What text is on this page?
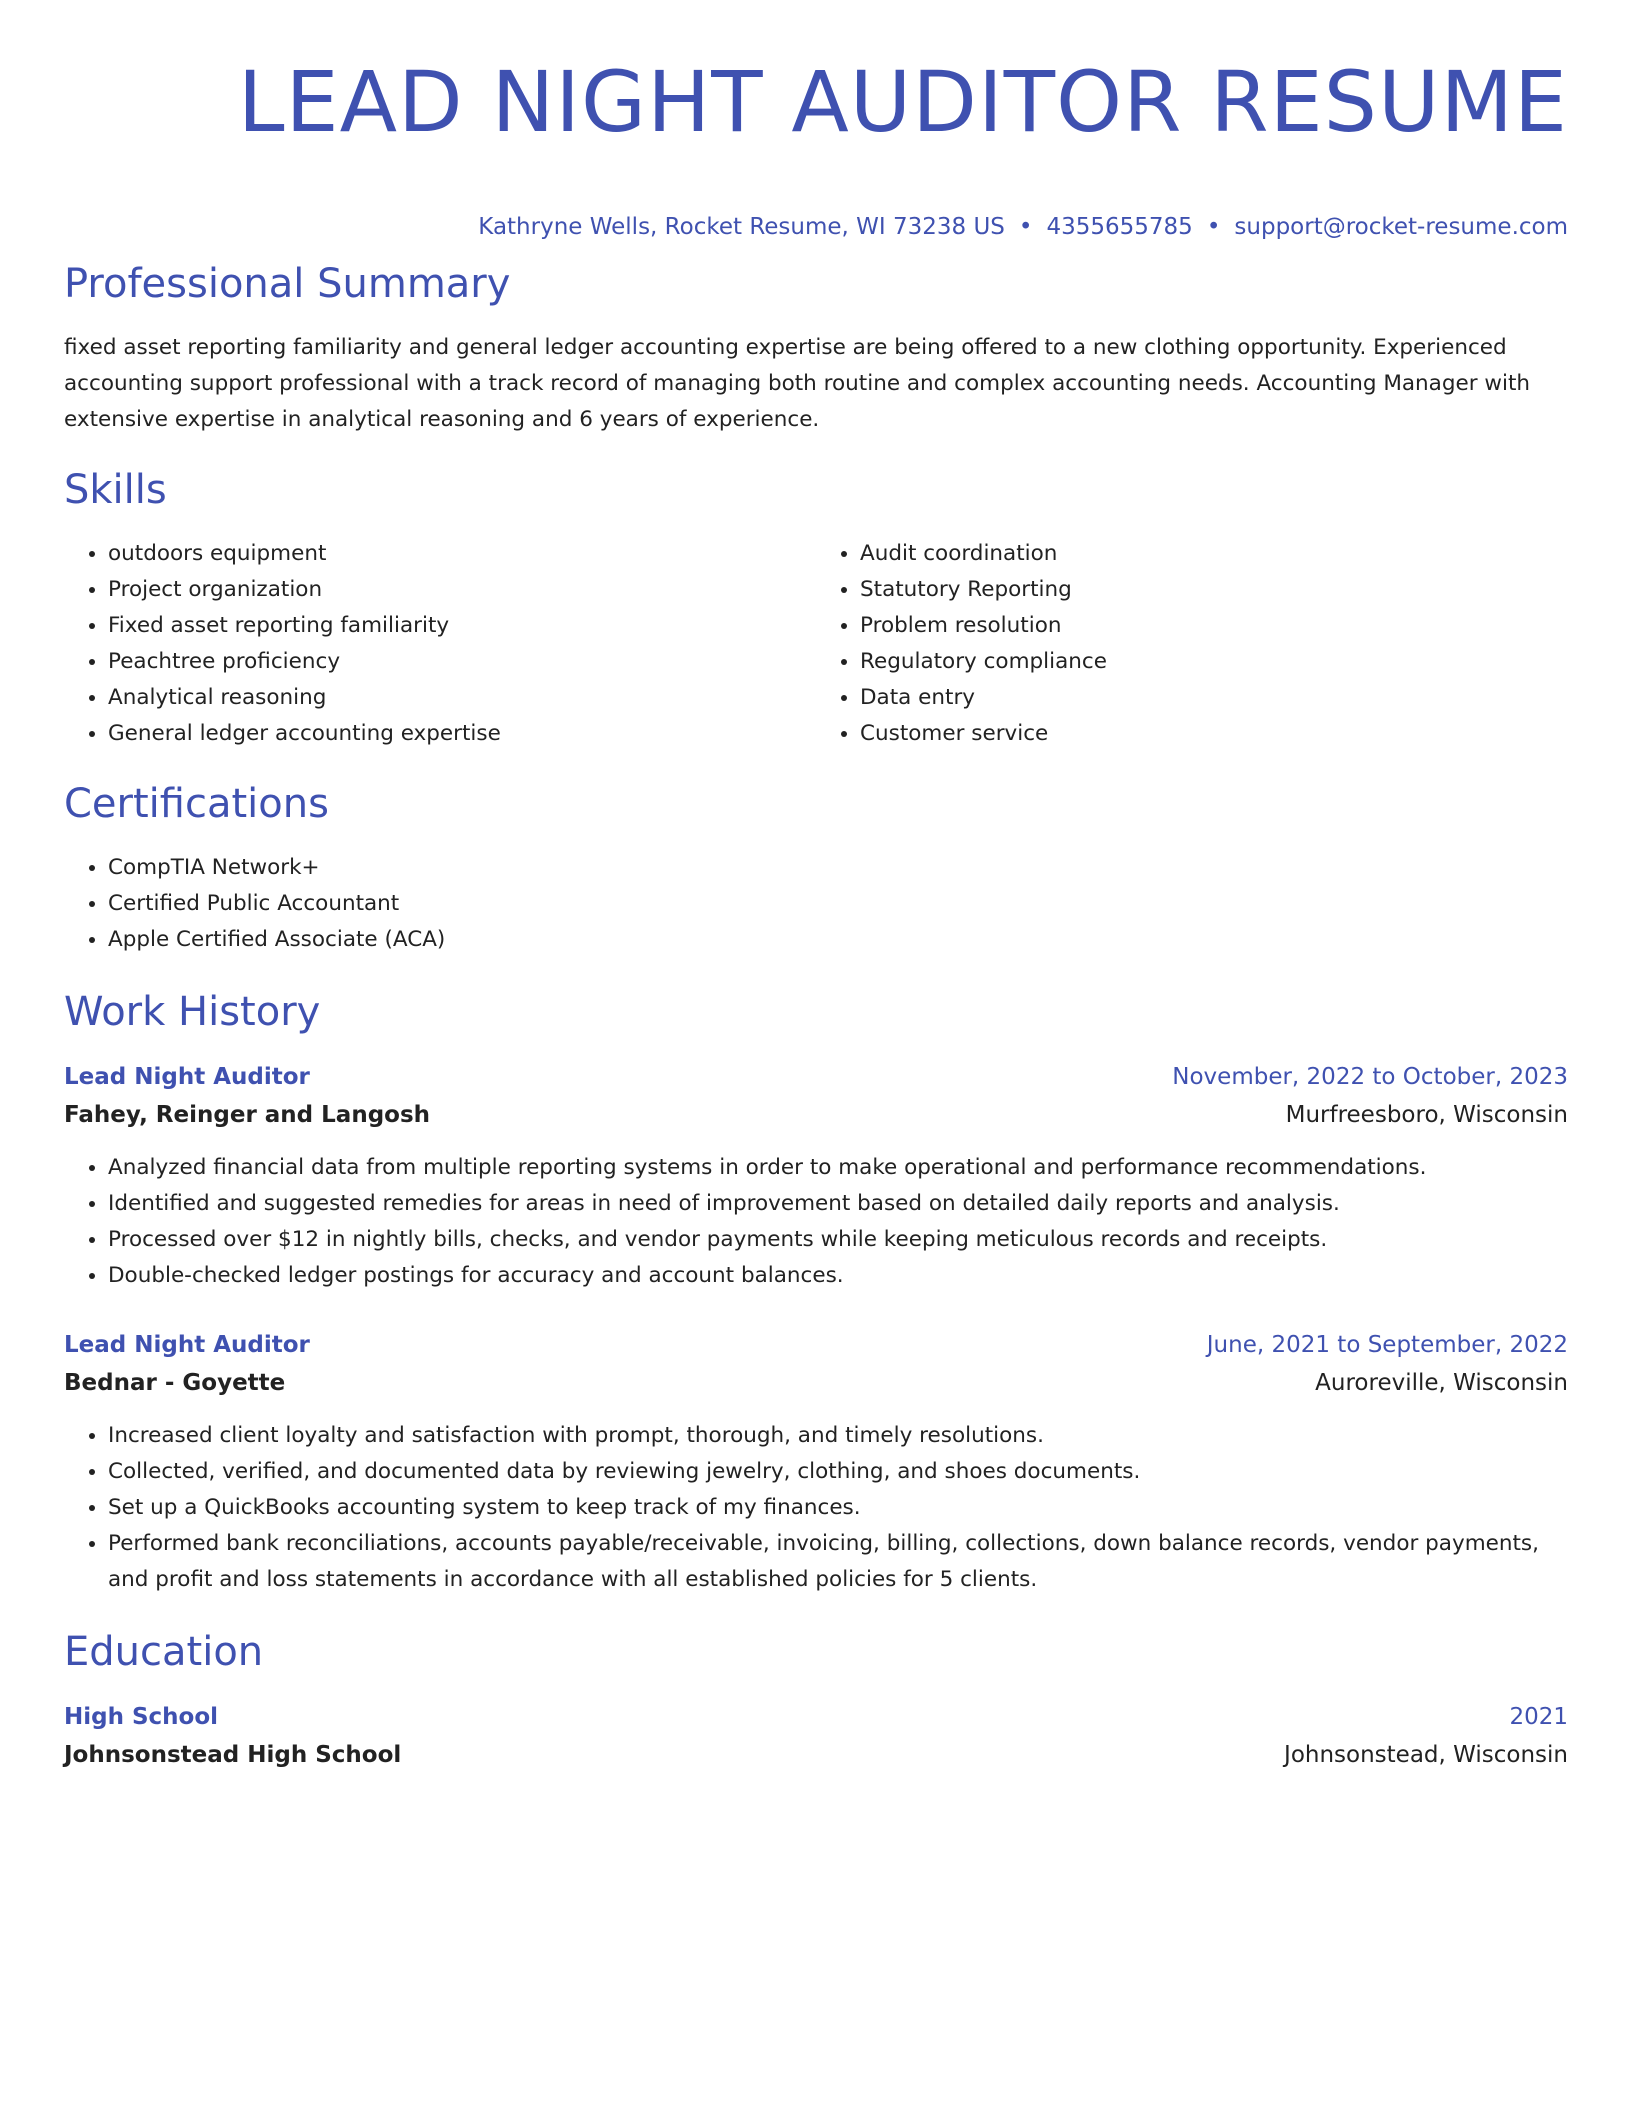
LEAD NIGHT AUDITOR RESUME
Kathryne Wells, Rocket Resume, WI 73238 US • 4355655785 • support@rocket-resume.com
Professional Summary

fixed asset reporting familiarity and general ledger accounting expertise are being offered to a new clothing opportunity. Experienced accounting support professional with a track record of managing both routine and complex accounting needs. Accounting Manager with extensive expertise in analytical reasoning and 6 years of experience.

Skills
• outdoors equipment
• Project organization
• Fixed asset reporting familiarity
• Peachtree proficiency
• Analytical reasoning
• General ledger accounting expertise
• Audit coordination
• Statutory Reporting
• Problem resolution
• Regulatory compliance
• Data entry
• Customer service
Certifications
• CompTIA Network+
• Certified Public Accountant
• Apple Certified Associate (ACA)
Work History
Lead Night Auditor	November, 2022 to October, 2023
Fahey, Reinger and Langosh	Murfreesboro, Wisconsin
• Analyzed financial data from multiple reporting systems in order to make operational and performance recommendations.
• Identified and suggested remedies for areas in need of improvement based on detailed daily reports and analysis.
• Processed over $12 in nightly bills, checks, and vendor payments while keeping meticulous records and receipts.
• Double-checked ledger postings for accuracy and account balances.
Lead Night Auditor	June, 2021 to September, 2022
Bednar - Goyette	Auroreville, Wisconsin
• Increased client loyalty and satisfaction with prompt, thorough, and timely resolutions.
• Collected, verified, and documented data by reviewing jewelry, clothing, and shoes documents.
• Set up a QuickBooks accounting system to keep track of my finances.
• Performed bank reconciliations, accounts payable/receivable, invoicing, billing, collections, down balance records, vendor payments, and profit and loss statements in accordance with all established policies for 5 clients.
Education
High School	2021
Johnsonstead High School	Johnsonstead, Wisconsin
